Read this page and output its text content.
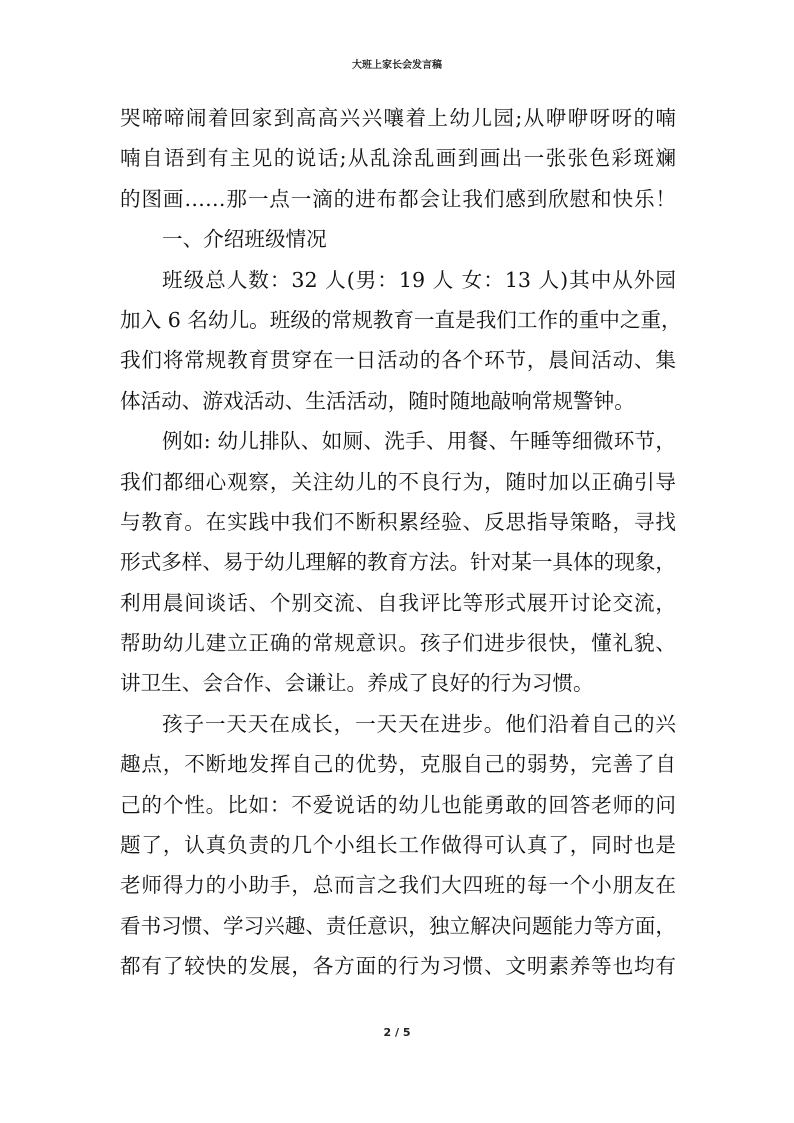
大班上家长会发言稿
哭啼啼闹着回家到高高兴兴嚷着上幼儿园;从咿咿呀呀的喃
喃自语到有主见的说话;从乱涂乱画到画出一张张色彩斑斓
的图画……那一点一滴的进布都会让我们感到欣慰和快乐！
一、介绍班级情况
班级总人数：32 人(男：19 人 女：13 人)其中从外园
加入 6 名幼儿。班级的常规教育一直是我们工作的重中之重，
我们将常规教育贯穿在一日活动的各个环节，晨间活动、集
体活动、游戏活动、生活活动，随时随地敲响常规警钟。
例如: 幼儿排队、如厕、洗手、用餐、午睡等细微环节，
我们都细心观察，关注幼儿的不良行为，随时加以正确引导
与教育。在实践中我们不断积累经验、反思指导策略，寻找
形式多样、易于幼儿理解的教育方法。针对某一具体的现象，
利用晨间谈话、个别交流、自我评比等形式展开讨论交流，
帮助幼儿建立正确的常规意识。孩子们进步很快，懂礼貌、
讲卫生、会合作、会谦让。养成了良好的行为习惯。
孩子一天天在成长，一天天在进步。他们沿着自己的兴
趣点，不断地发挥自己的优势，克服自己的弱势，完善了自
己的个性。比如：不爱说话的幼儿也能勇敢的回答老师的问
题了，认真负责的几个小组长工作做得可认真了，同时也是
老师得力的小助手，总而言之我们大四班的每一个小朋友在
看书习惯、学习兴趣、责任意识，独立解决问题能力等方面，
都有了较快的发展，各方面的行为习惯、文明素养等也均有
2 / 5
